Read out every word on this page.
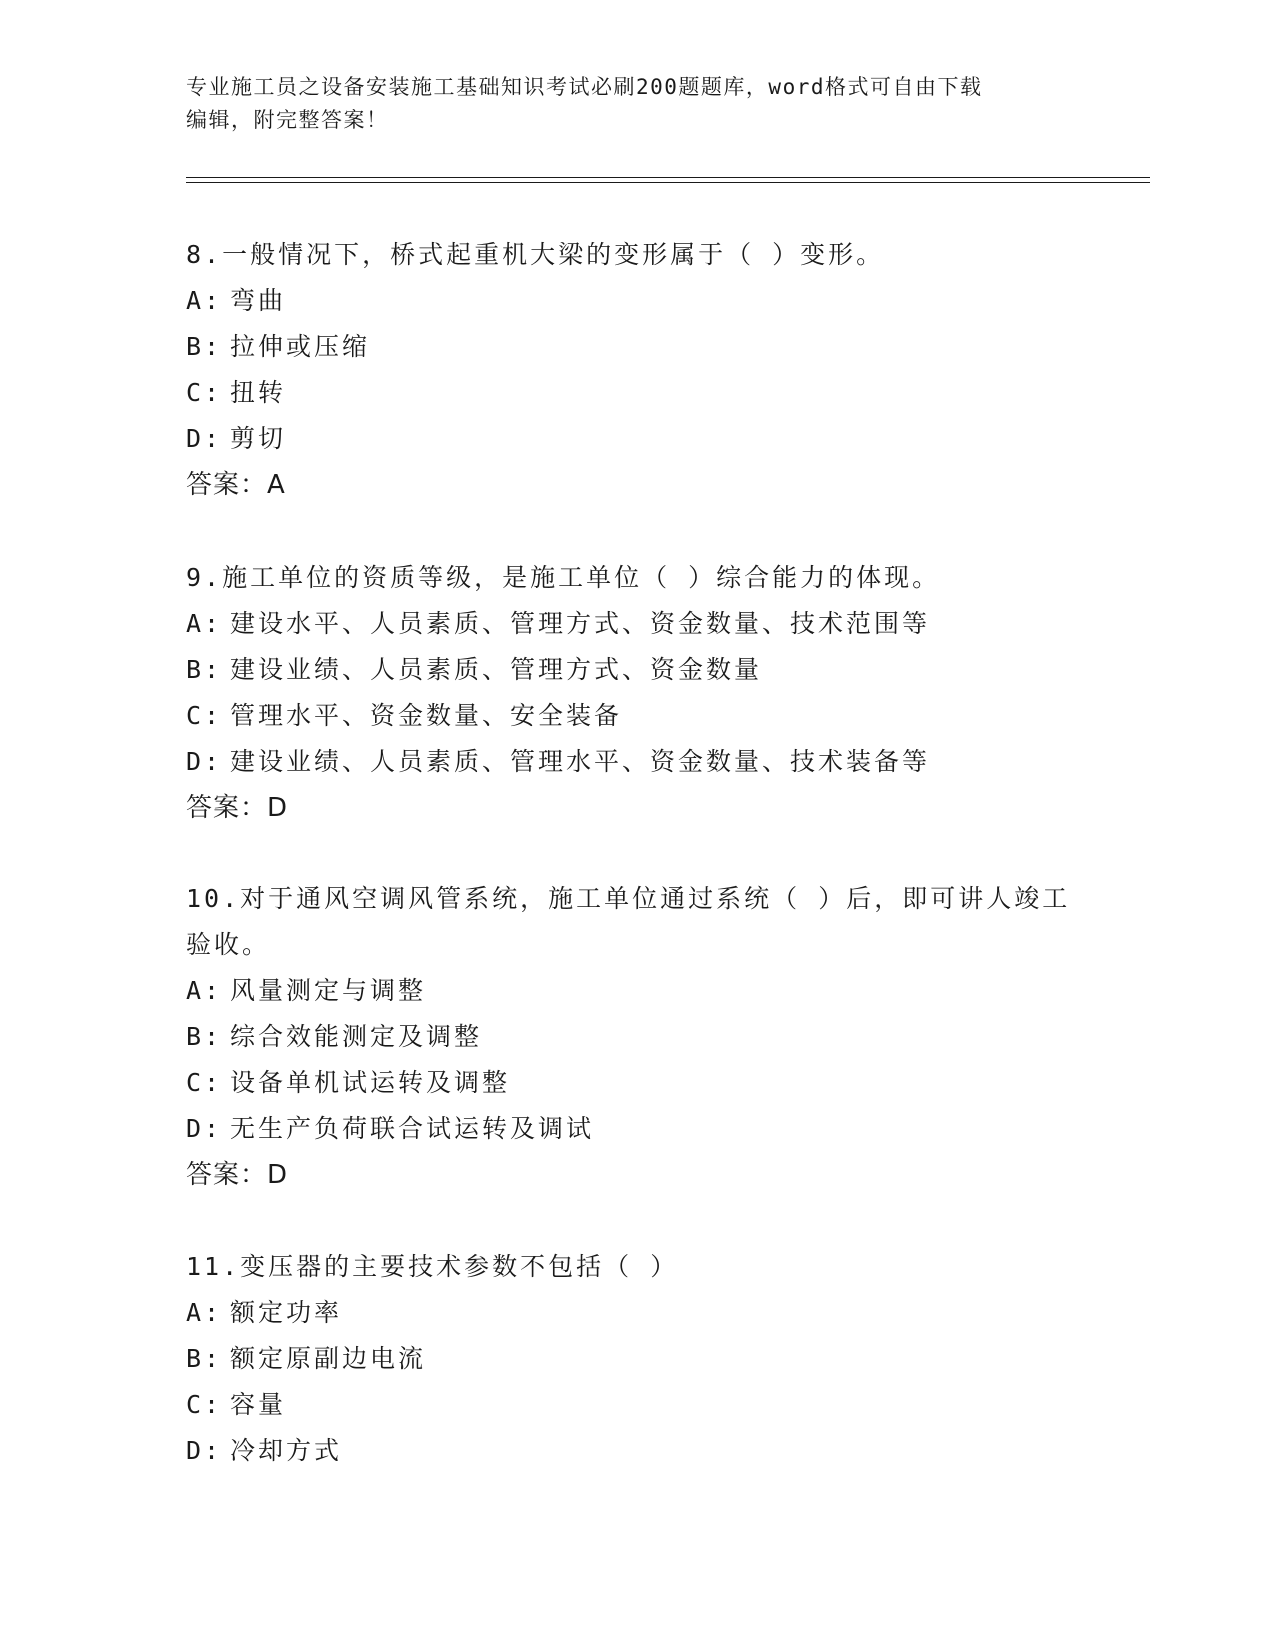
专业施工员之设备安装施工基础知识考试必刷200题题库，word格式可自由下载
编辑，附完整答案！
8.一般情况下，桥式起重机大梁的变形属于（ ）变形。
A: 弯曲
B: 拉伸或压缩
C: 扭转
D: 剪切
答案：A
9.施工单位的资质等级，是施工单位（ ）综合能力的体现。
A: 建设水平、人员素质、管理方式、资金数量、技术范围等
B: 建设业绩、人员素质、管理方式、资金数量
C: 管理水平、资金数量、安全装备
D: 建设业绩、人员素质、管理水平、资金数量、技术装备等
答案：D
10.对于通风空调风管系统，施工单位通过系统（ ）后，即可讲人竣工验收。
A: 风量测定与调整
B: 综合效能测定及调整
C: 设备单机试运转及调整
D: 无生产负荷联合试运转及调试
答案：D
11.变压器的主要技术参数不包括（ ）
A: 额定功率
B: 额定原副边电流
C: 容量
D: 冷却方式
